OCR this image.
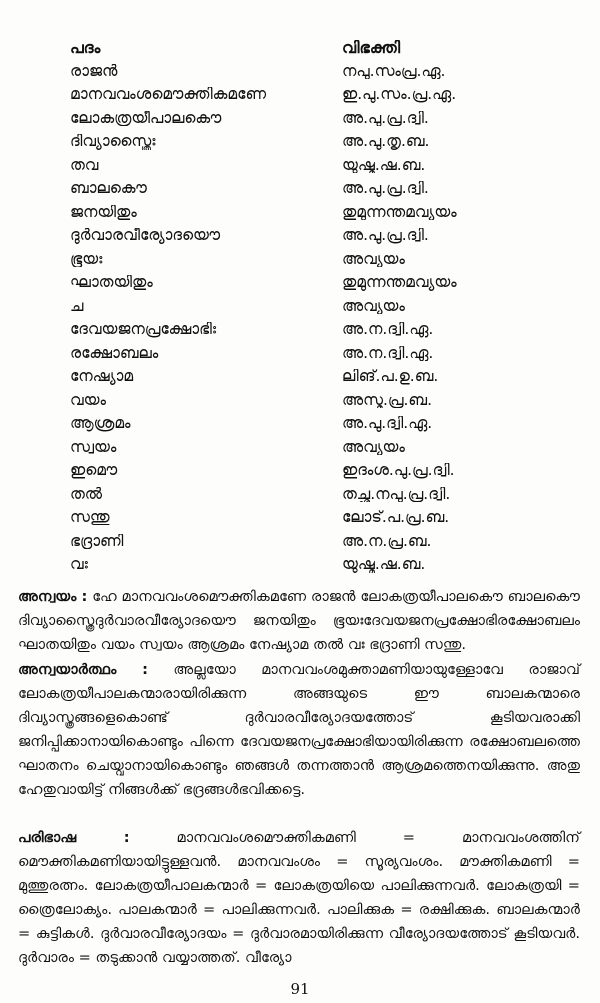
പദം	വിഭക്തി
രാജൻ	നപു.സംപ്ര.ഏ.
മാനവവംശമൌക്തികമണേ	ഇ.പു.സം.പ്ര.ഏ.
ലോകത്രയീപാലകൌ	അ.പു.പ്ര.ദ്വി.
ദിവ്യാസ്ത്രൈഃ	അ.പു.തൃ.ബ.
തവ	യുഷ്മ.ഷ.ബ.
ബാലകൌ	അ.പു.പ്ര.ദ്വി.
ജനയിതും	തുമുന്നന്തമവ്യയം
ദുർവാരവീര്യോദയൌ	അ.പു.പ്ര.ദ്വി.
ഭൂയഃ	അവ്യയം
ഘാതയിതും	തുമുന്നന്തമവ്യയം
ച	അവ്യയം
ദേവയജനപ്രക്ഷോഭിഃ	അ.ന.ദ്വി.ഏ.
രക്ഷോബലം	അ.ന.ദ്വി.ഏ.
നേഷ്യാമ	ലിങ്.പ.ഉ.ബ.
വയം	അസ്മ.പ്ര.ബ.
ആശ്രമം	അ.പു.ദ്വി.ഏ.
സ്വയം	അവ്യയം
ഇമൌ	ഇദംശ.പു.പ്ര.ദ്വി.
തൽ	തച്ഛ.നപു.പ്ര.ദ്വി.
സന്തു	ലോട്.പ.പ്ര.ബ.
ഭദ്രാണി	അ.ന.പ്ര.ബ.
വഃ	യുഷ്മ.ഷ.ബ.
അന്വയം : ഹേ മാനവവംശമൌക്തികമണേ രാജൻ ലോകത്രയീപാലകൌ ബാലകൌ ദിവ്യാസ്ത്രൈദുർവാരവീര്യോദയൌ ജനയിതും ഭൂയഃദേവയജനപ്രക്ഷോഭിരക്ഷോബലം ഘാതയിതും വയം സ്വയം ആശ്രമം നേഷ്യാമ തൽ വഃ ഭദ്രാണി സന്തു.
അന്വയാർത്ഥം : അല്ലയോ മാനവവംശമുക്താമണിയായുള്ളോവേ രാജാവ് ലോകത്രയീപാലകന്മാരായിരിക്കുന്ന അങ്ങയുടെ ഈ ബാലകന്മാരെ ദിവ്യാസ്ത്രങ്ങളെകൊണ്ട് ദുർവാരവീര്യോദയത്തോട് കൂടിയവരാക്കി ജനിപ്പിക്കാനായികൊണ്ടും പിന്നെ ദേവയജനപ്രക്ഷോഭിയായിരിക്കുന്ന രക്ഷോബലത്തെ ഘാതനം ചെയ്വാനായികൊണ്ടും ഞങ്ങൾ തന്നത്താൻ ആശ്രമത്തെനയിക്കുന്നു. അതു ഹേതുവായിട്ട് നിങ്ങൾക്ക് ഭദ്രങ്ങൾഭവിക്കട്ടെ.
പരിഭാഷ : മാനവവംശമൌക്തികമണി = മാനവവംശത്തിന് മൌക്തികമണിയായിട്ടുള്ളവൻ. മാനവവംശം = സൂര്യവംശം. മൗക്തികമണി = മുത്തുരത്നം. ലോകത്രയീപാലകന്മാർ = ലോകത്രയിയെ പാലിക്കുന്നവർ. ലോകത്രയി = ത്രൈലോക്യം. പാലകന്മാർ = പാലിക്കുന്നവർ. പാലിക്കുക = രക്ഷിക്കുക. ബാലകന്മാർ = കുട്ടികൾ. ദുർവാരവീര്യോദയം = ദുർവാരമായിരിക്കുന്ന വീര്യോദയത്തോട് കൂടിയവർ. ദുർവാരം = തടുക്കാൻ വയ്യാത്തത്. വീര്യോ
91
